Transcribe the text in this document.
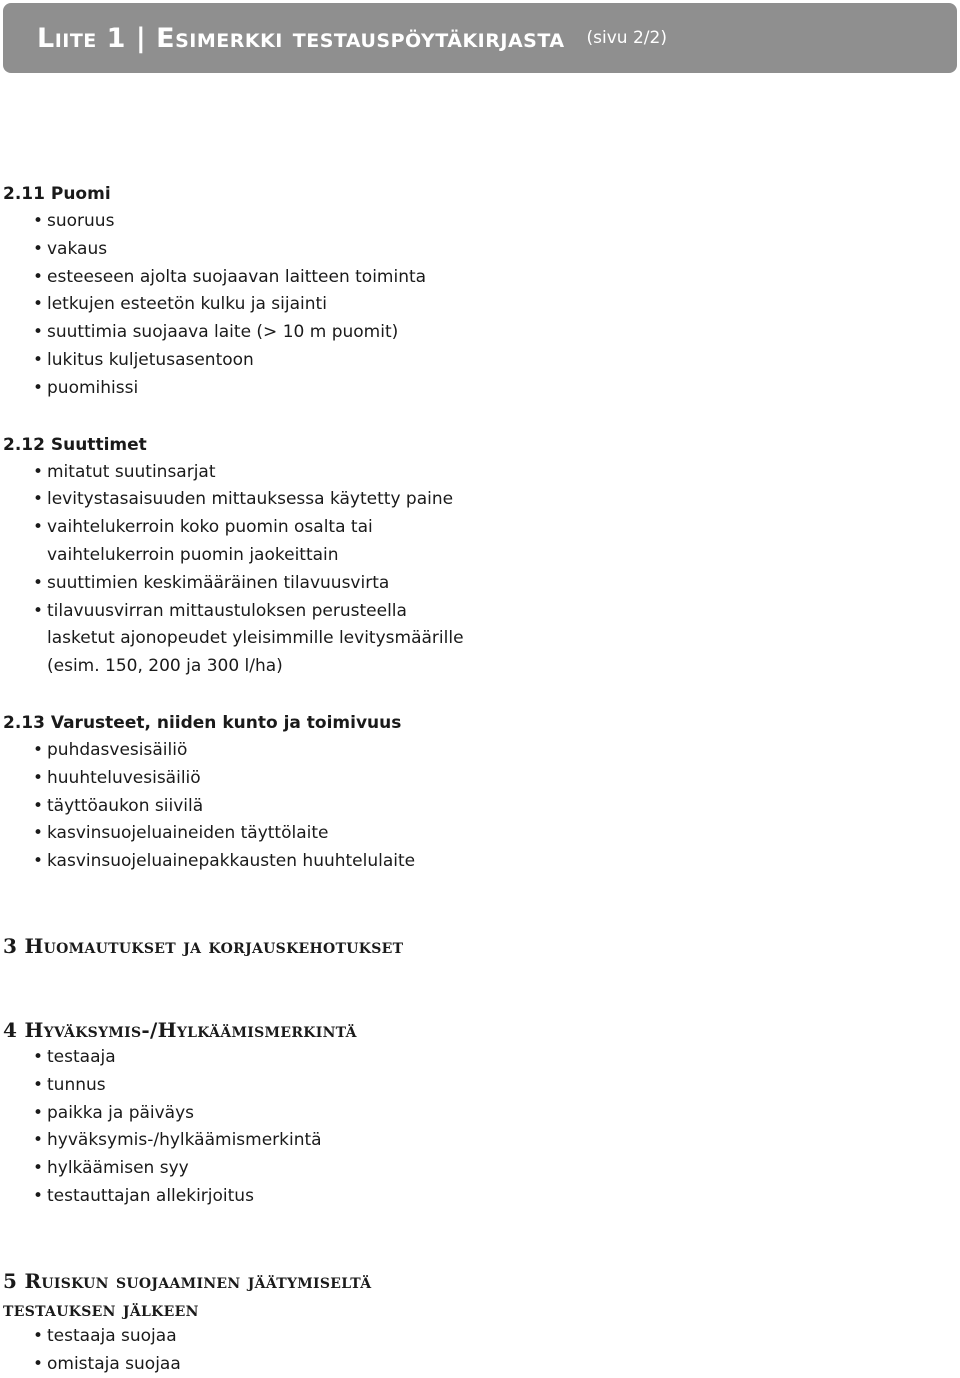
Liite 1 | Esimerkki testauspöytäkirjasta (sivu 2/2)
2.11 Puomi
• suoruus
• vakaus
• esteeseen ajolta suojaavan laitteen toiminta
• letkujen esteetön kulku ja sijainti
• suuttimia suojaava laite (> 10 m puomit)
• lukitus kuljetusasentoon
• puomihissi
2.12 Suuttimet
• mitatut suutinsarjat
• levitystasaisuuden mittauksessa käytetty paine
• vaihtelukerroin koko puomin osalta tai
vaihtelukerroin puomin jaokeittain
• suuttimien keskimääräinen tilavuusvirta
• tilavuusvirran mittaustuloksen perusteella
lasketut ajonopeudet yleisimmille levitysmäärille
(esim. 150, 200 ja 300 l/ha)
2.13 Varusteet, niiden kunto ja toimivuus
• puhdasvesisäiliö
• huuhteluvesisäiliö
• täyttöaukon siivilä
• kasvinsuojeluaineiden täyttölaite
• kasvinsuojeluainepakkausten huuhtelulaite
3 Huomautukset ja korjauskehotukset
4 Hyväksymis-/Hylkäämismerkintä
• testaaja
• tunnus
• paikka ja päiväys
• hyväksymis-/hylkäämismerkintä
• hylkäämisen syy
• testauttajan allekirjoitus
5 Ruiskun suojaaminen jäätymiseltä
testauksen jälkeen
• testaaja suojaa
• omistaja suojaa
